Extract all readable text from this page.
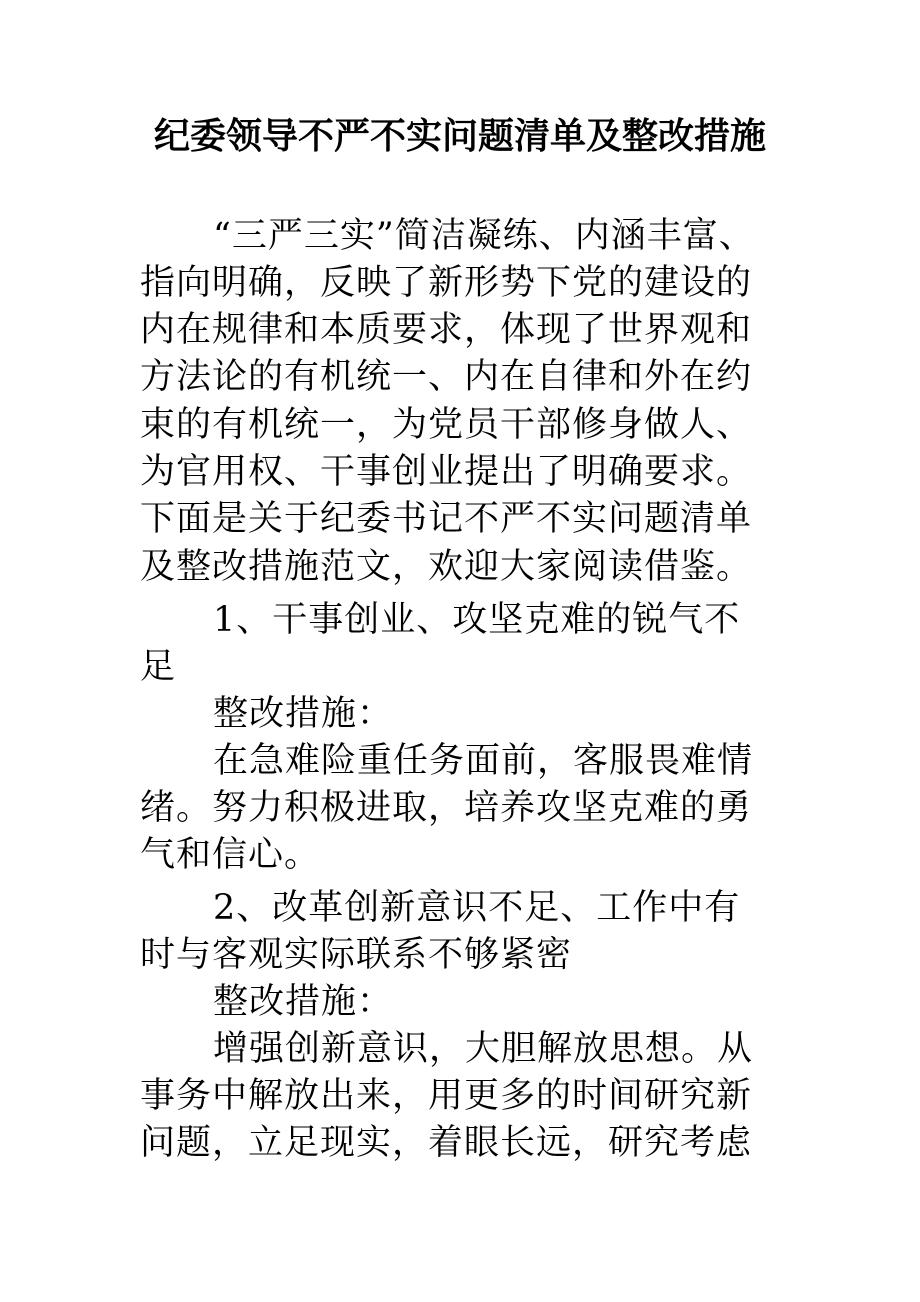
纪委领导不严不实问题清单及整改措施
“三严三实”简洁凝练、内涵丰富、
指向明确，反映了新形势下党的建设的
内在规律和本质要求，体现了世界观和
方法论的有机统一、内在自律和外在约
束的有机统一，为党员干部修身做人、
为官用权、干事创业提出了明确要求。
下面是关于纪委书记不严不实问题清单
及整改措施范文，欢迎大家阅读借鉴。
1、干事创业、攻坚克难的锐气不
足
整改措施：
在急难险重任务面前，客服畏难情
绪。努力积极进取，培养攻坚克难的勇
气和信心。
2、改革创新意识不足、工作中有
时与客观实际联系不够紧密
整改措施：
增强创新意识，大胆解放思想。从
事务中解放出来，用更多的时间研究新
问题，立足现实，着眼长远，研究考虑
